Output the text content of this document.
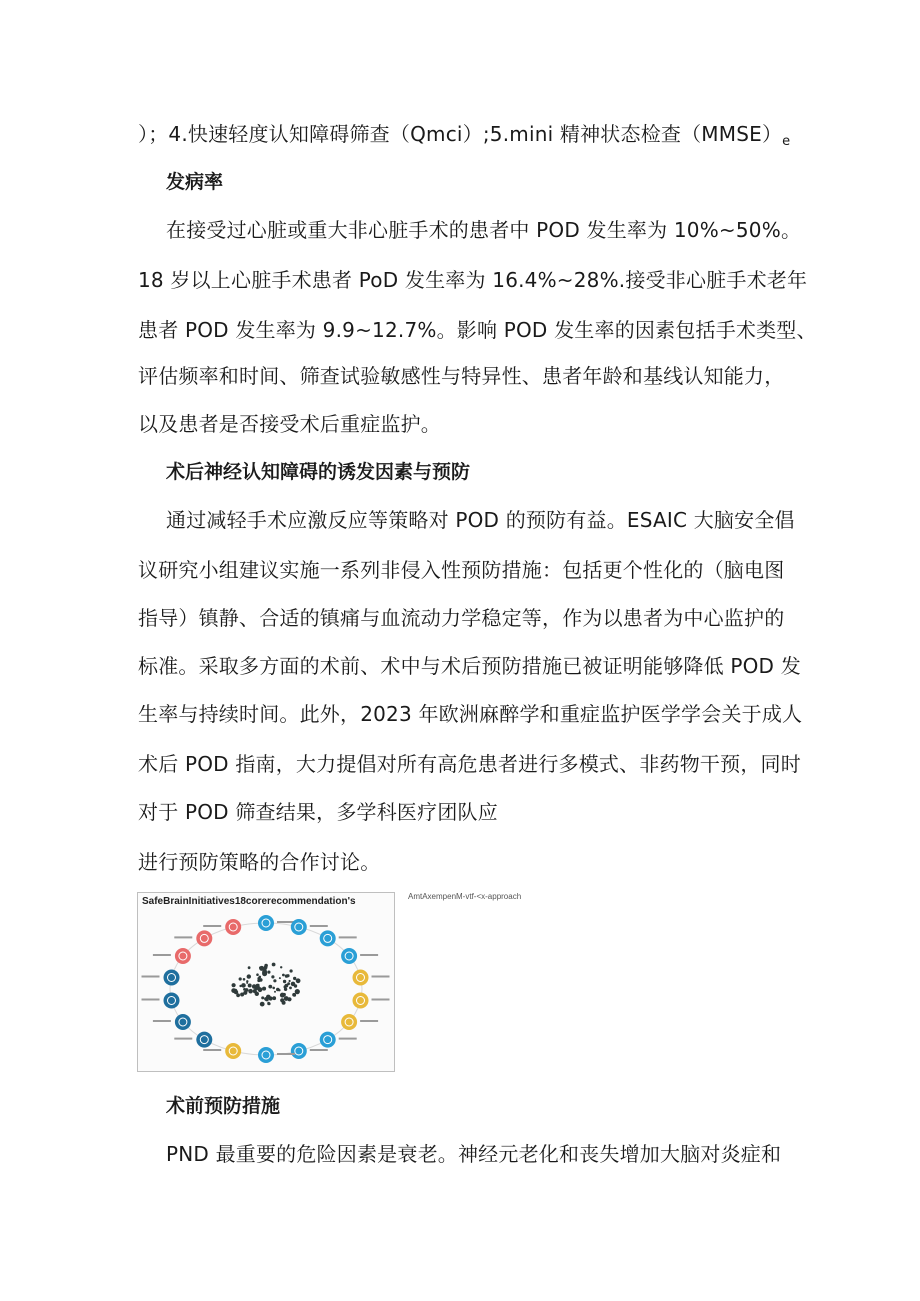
）；4.快速轻度认知障碍筛查（Qmci）;5.mini 精神状态检查$(MMSE)_e$
发病率
在接受过心脏或重大非心脏手术的患者中 POD 发生率为 10%~50%。
18 岁以上心脏手术患者 PoD 发生率为 16.4%~28%.接受非心脏手术老年
患者 POD 发生率为 9.9~12.7%。影响 POD 发生率的因素包括手术类型、
评估频率和时间、筛查试验敏感性与特异性、患者年龄和基线认知能力，
以及患者是否接受术后重症监护。
术后神经认知障碍的诱发因素与预防
通过减轻手术应激反应等策略对 POD 的预防有益。ESAIC 大脑安全倡
议研究小组建议实施一系列非侵入性预防措施：包括更个性化的（脑电图
指导）镇静、合适的镇痛与血流动力学稳定等，作为以患者为中心监护的
标准。采取多方面的术前、术中与术后预防措施已被证明能够降低 POD 发
生率与持续时间。此外，2023 年欧洲麻醉学和重症监护医学学会关于成人
术后 POD 指南，大力提倡对所有高危患者进行多模式、非药物干预，同时
对于 POD 筛查结果，多学科医疗团队应
进行预防策略的合作讨论。
SafeBrainInitiatives18corerecommendation's	AmtAxempenM-vtf-<x-approach
术前预防措施
PND 最重要的危险因素是衰老。神经元老化和丧失增加大脑对炎症和
